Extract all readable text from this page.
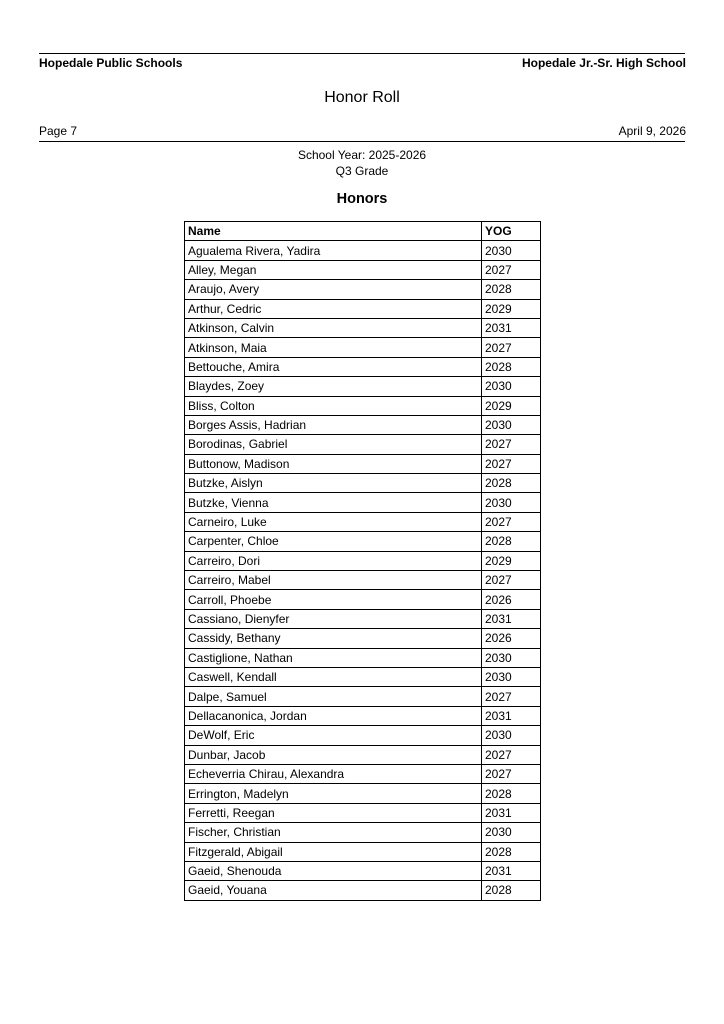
Hopedale Public Schools	Hopedale Jr.-Sr. High School
Honor Roll
Page 7	April 9, 2026
School Year: 2025-2026
Q3 Grade
Honors
Name	YOG
Agualema Rivera, Yadira	2030
Alley, Megan	2027
Araujo, Avery	2028
Arthur, Cedric	2029
Atkinson, Calvin	2031
Atkinson, Maia	2027
Bettouche, Amira	2028
Blaydes, Zoey	2030
Bliss, Colton	2029
Borges Assis, Hadrian	2030
Borodinas, Gabriel	2027
Buttonow, Madison	2027
Butzke, Aislyn	2028
Butzke, Vienna	2030
Carneiro, Luke	2027
Carpenter, Chloe	2028
Carreiro, Dori	2029
Carreiro, Mabel	2027
Carroll, Phoebe	2026
Cassiano, Dienyfer	2031
Cassidy, Bethany	2026
Castiglione, Nathan	2030
Caswell, Kendall	2030
Dalpe, Samuel	2027
Dellacanonica, Jordan	2031
DeWolf, Eric	2030
Dunbar, Jacob	2027
Echeverria Chirau, Alexandra	2027
Errington, Madelyn	2028
Ferretti, Reegan	2031
Fischer, Christian	2030
Fitzgerald, Abigail	2028
Gaeid, Shenouda	2031
Gaeid, Youana	2028
